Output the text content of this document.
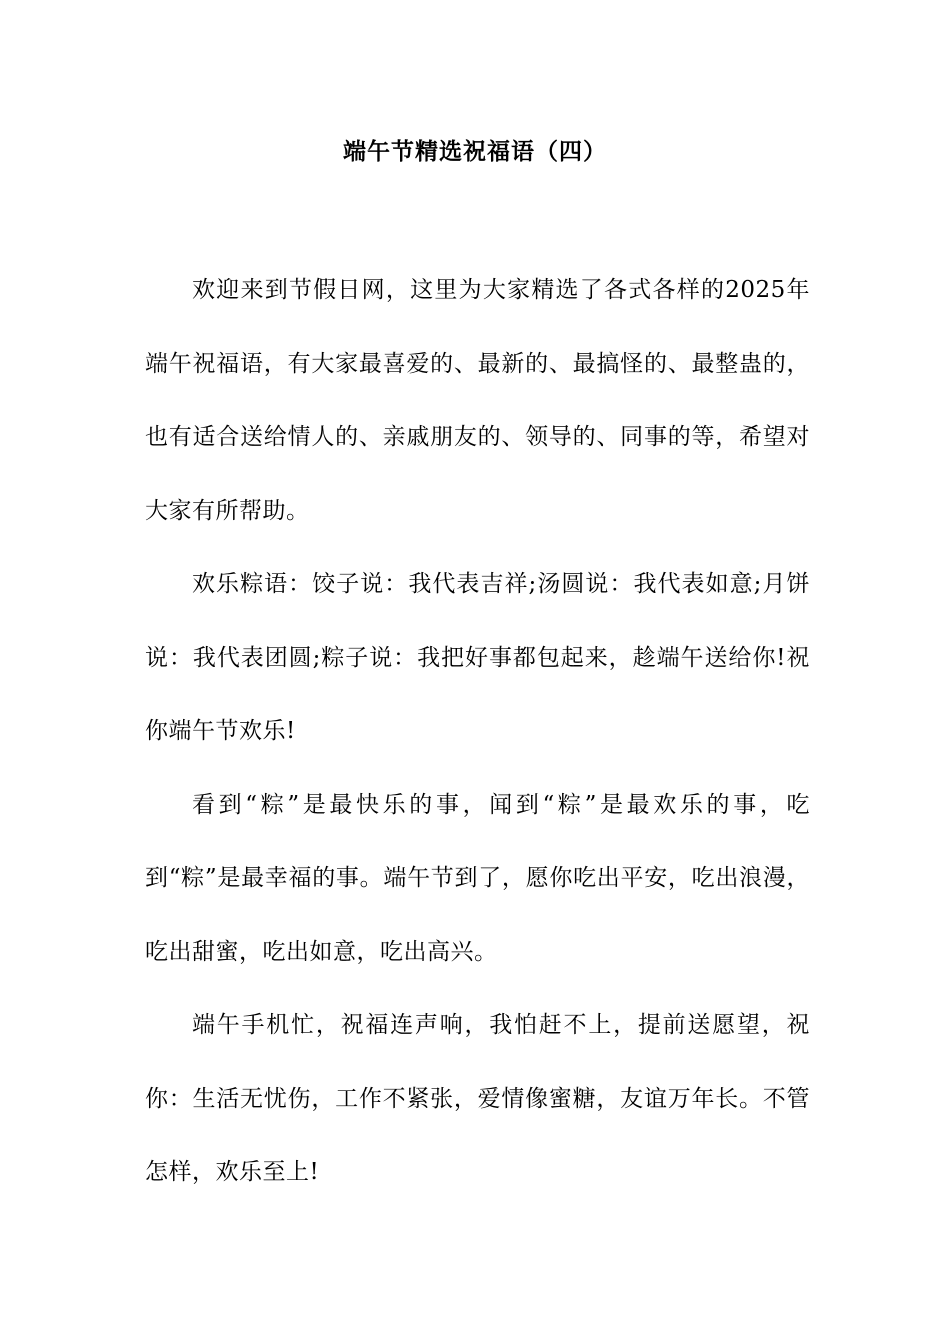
端午节精选祝福语（四）

欢迎来到节假日网，这里为大家精选了各式各样的2025年端午祝福语，有大家最喜爱的、最新的、最搞怪的、最整蛊的，也有适合送给情人的、亲戚朋友的、领导的、同事的等，希望对大家有所帮助。

欢乐粽语：饺子说：我代表吉祥;汤圆说：我代表如意;月饼说：我代表团圆;粽子说：我把好事都包起来，趁端午送给你!祝你端午节欢乐!

看到“粽”是最快乐的事，闻到“粽”是最欢乐的事，吃到“粽”是最幸福的事。端午节到了，愿你吃出平安，吃出浪漫，吃出甜蜜，吃出如意，吃出高兴。

端午手机忙，祝福连声响，我怕赶不上，提前送愿望，祝你：生活无忧伤，工作不紧张，爱情像蜜糖，友谊万年长。不管怎样，欢乐至上!
